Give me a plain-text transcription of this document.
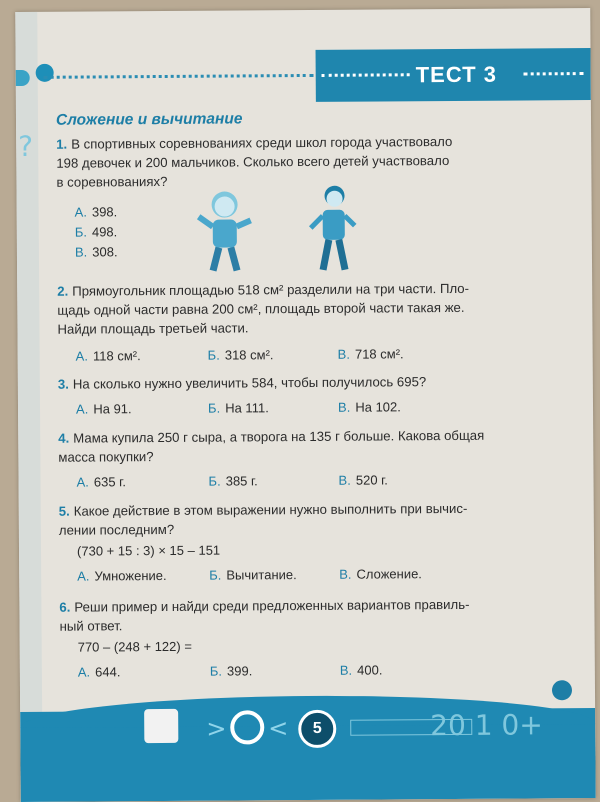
?
ТЕСТ 3
Сложение и вычитание
1. В спортивных соревнованиях среди школ города участвовало
198 девочек и 200 мальчиков. Сколько всего детей участвовало
в соревнованиях?
А. 398.
Б. 498.
В. 308.
2. Прямоугольник площадью 518 см² разделили на три части. Пло-
щадь одной части равна 200 см², площадь второй части такая же.
Найди площадь третьей части.
А. 118 см².	Б. 318 см².	В. 718 см².
3. На сколько нужно увеличить 584, чтобы получилось 695?
А. На 91.	Б. На 111.	В. На 102.
4. Мама купила 250 г сыра, а творога на 135 г больше. Какова общая
масса покупки?
А. 635 г.	Б. 385 г.	В. 520 г.
5. Какое действие в этом выражении нужно выполнить при вычис-
лении последним?
(730 + 15 : 3) × 15 – 151
А. Умножение.	Б. Вычитание.	В. Сложение.
6. Реши пример и найди среди предложенных вариантов правиль-
ный ответ.
770 – (248 + 122) =
А. 644.	Б. 399.	В. 400.
> <	5	20 1 0+
